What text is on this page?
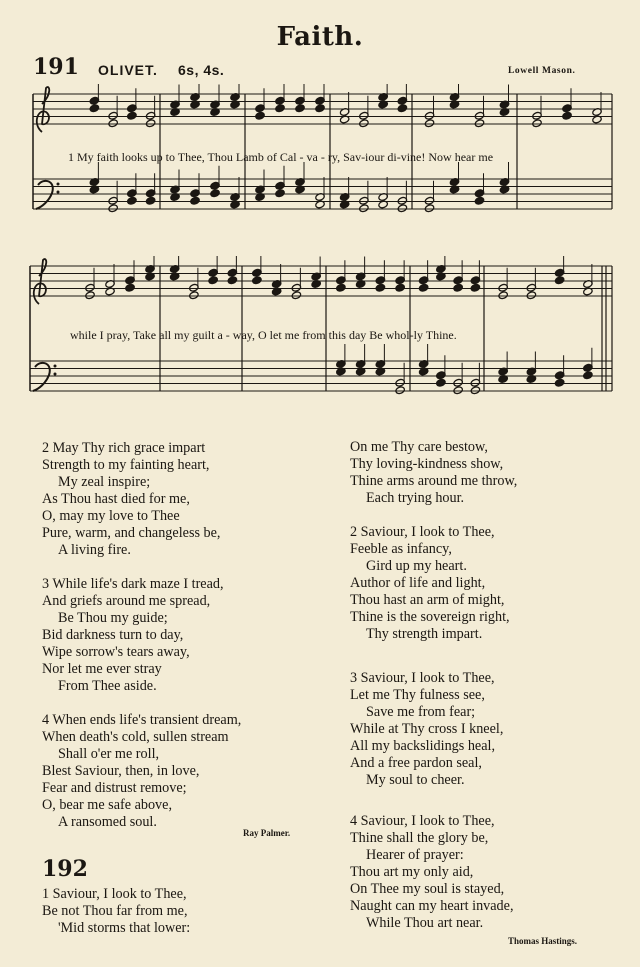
Faith.
191 OLIVET. 6s, 4s.	Lowell Mason.
1 My faith looks up to Thee, Thou Lamb of Cal - va - ry, Sav-iour di-vine! Now hear me
while I pray, Take all my guilt a - way, O let me from this day Be whol-ly Thine.
2 May Thy rich grace impart
Strength to my fainting heart,
My zeal inspire;
As Thou hast died for me,
O, may my love to Thee
Pure, warm, and changeless be,
A living fire.
3 While life's dark maze I tread,
And griefs around me spread,
Be Thou my guide;
Bid darkness turn to day,
Wipe sorrow's tears away,
Nor let me ever stray
From Thee aside.
4 When ends life's transient dream,
When death's cold, sullen stream
Shall o'er me roll,
Blest Saviour, then, in love,
Fear and distrust remove;
O, bear me safe above,
A ransomed soul.
Ray Palmer.
192
1 Saviour, I look to Thee,
Be not Thou far from me,
'Mid storms that lower:
On me Thy care bestow,
Thy loving-kindness show,
Thine arms around me throw,
Each trying hour.
2 Saviour, I look to Thee,
Feeble as infancy,
Gird up my heart.
Author of life and light,
Thou hast an arm of might,
Thine is the sovereign right,
Thy strength impart.
3 Saviour, I look to Thee,
Let me Thy fulness see,
Save me from fear;
While at Thy cross I kneel,
All my backslidings heal,
And a free pardon seal,
My soul to cheer.
4 Saviour, I look to Thee,
Thine shall the glory be,
Hearer of prayer:
Thou art my only aid,
On Thee my soul is stayed,
Naught can my heart invade,
While Thou art near.
Thomas Hastings.
